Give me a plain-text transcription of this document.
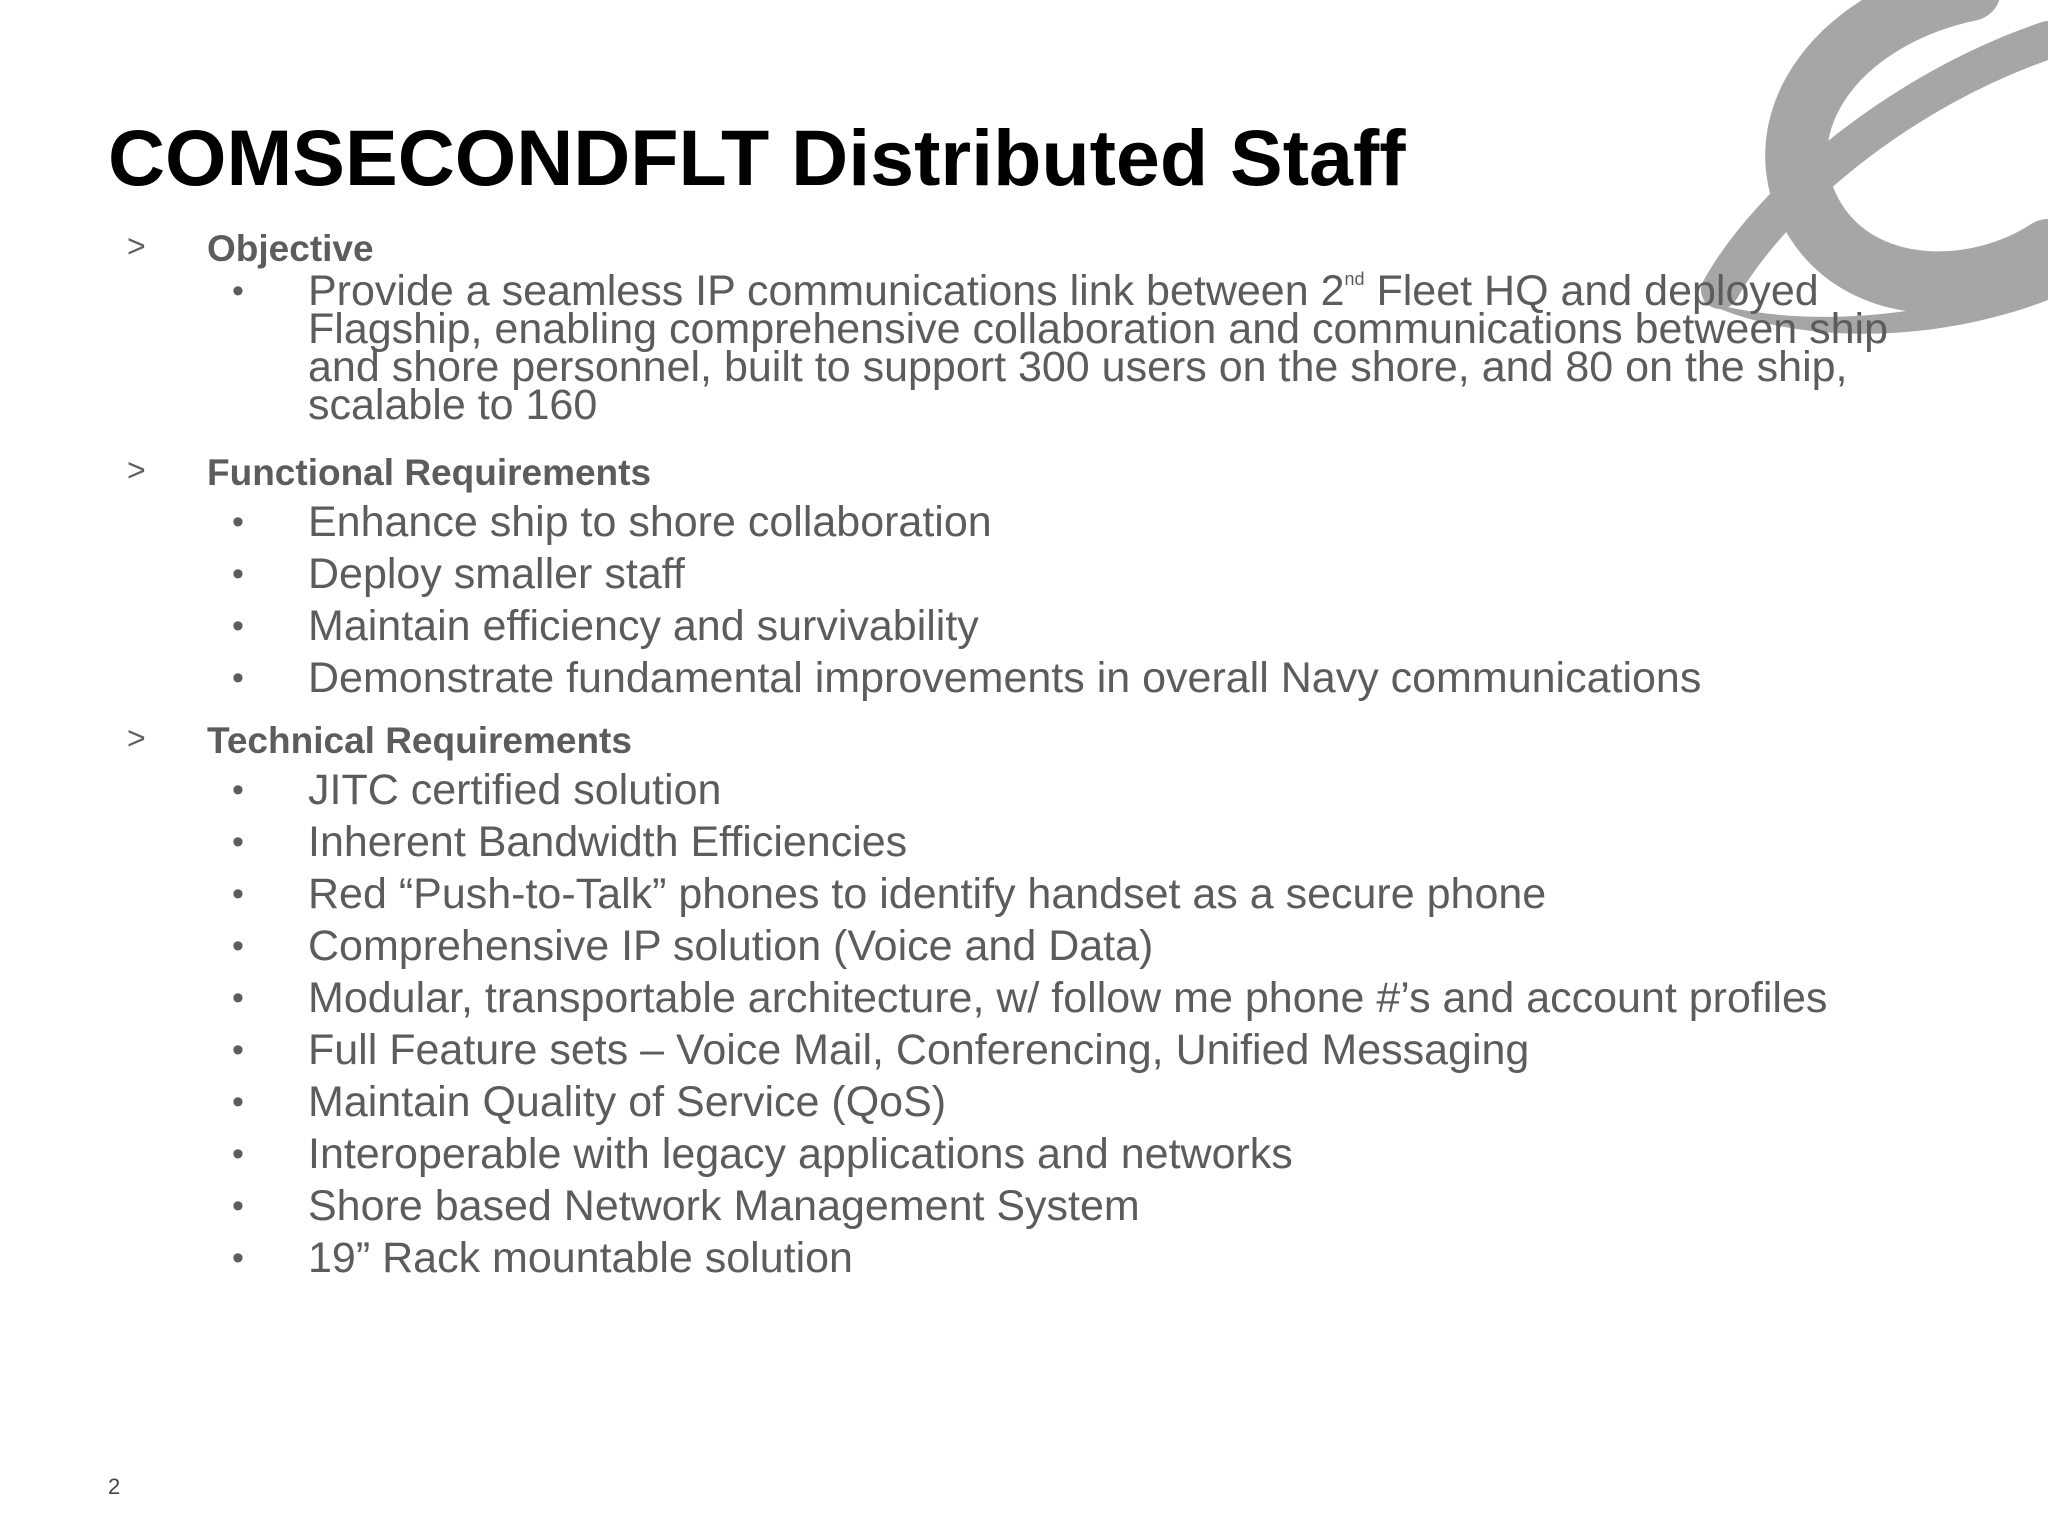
COMSECONDFLT Distributed Staff
> Objective
• Provide a seamless IP communications link between 2nd Fleet HQ and deployed Flagship, enabling comprehensive collaboration and communications between ship and shore personnel, built to support 300 users on the shore, and 80 on the ship, scalable to 160
> Functional Requirements
• Enhance ship to shore collaboration
• Deploy smaller staff
• Maintain efficiency and survivability
• Demonstrate fundamental improvements in overall Navy communications
> Technical Requirements
• JITC certified solution
• Inherent Bandwidth Efficiencies
• Red “Push-to-Talk” phones to identify handset as a secure phone
• Comprehensive IP solution (Voice and Data)
• Modular, transportable architecture, w/ follow me phone #’s and account profiles
• Full Feature sets – Voice Mail, Conferencing, Unified Messaging
• Maintain Quality of Service (QoS)
• Interoperable with legacy applications and networks
• Shore based Network Management System
• 19” Rack mountable solution
2
